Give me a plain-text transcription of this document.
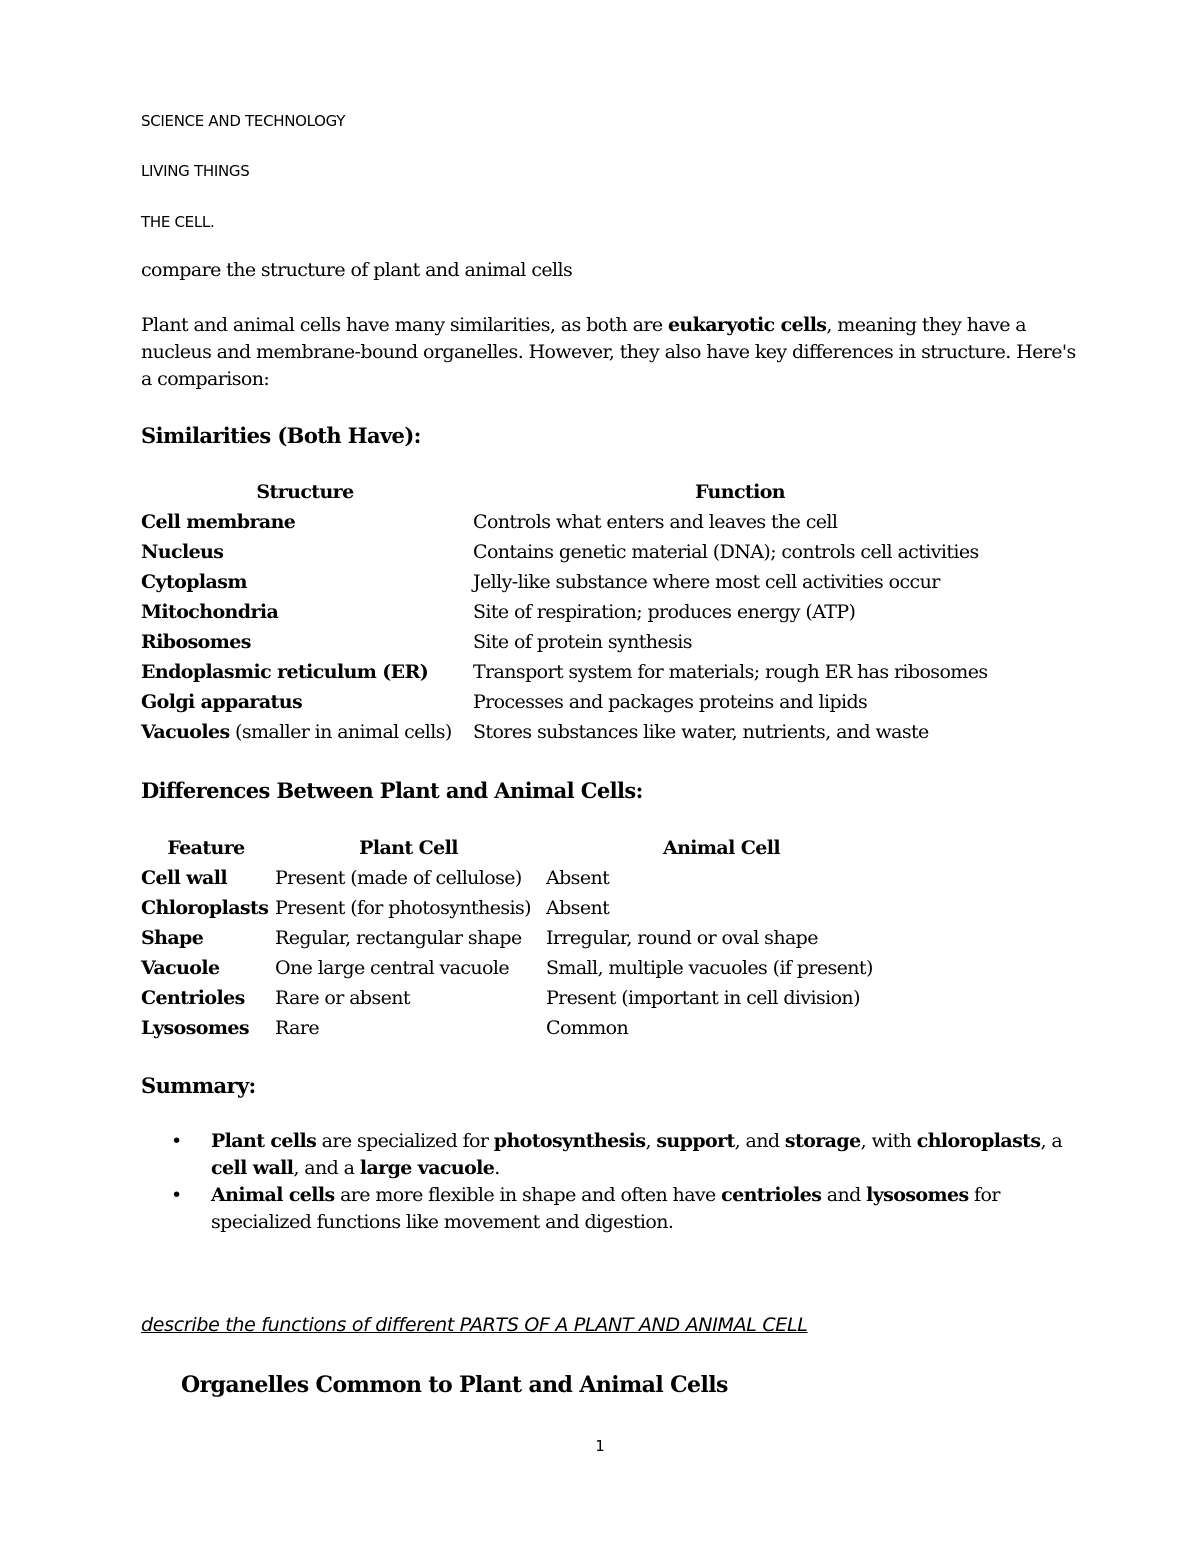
SCIENCE AND TECHNOLOGY
LIVING THINGS
THE CELL.
compare the structure of plant and animal cells
Plant and animal cells have many similarities, as both are eukaryotic cells, meaning they have a nucleus and membrane-bound organelles. However, they also have key differences in structure. Here's a comparison:
Similarities (Both Have):
Structure	Function
Cell membrane	Controls what enters and leaves the cell
Nucleus	Contains genetic material (DNA); controls cell activities
Cytoplasm	Jelly-like substance where most cell activities occur
Mitochondria	Site of respiration; produces energy (ATP)
Ribosomes	Site of protein synthesis
Endoplasmic reticulum (ER)	Transport system for materials; rough ER has ribosomes
Golgi apparatus	Processes and packages proteins and lipids
Vacuoles (smaller in animal cells)	Stores substances like water, nutrients, and waste
Differences Between Plant and Animal Cells:
Feature	Plant Cell	Animal Cell
Cell wall	Present (made of cellulose)	Absent
Chloroplasts	Present (for photosynthesis)	Absent
Shape	Regular, rectangular shape	Irregular, round or oval shape
Vacuole	One large central vacuole	Small, multiple vacuoles (if present)
Centrioles	Rare or absent	Present (important in cell division)
Lysosomes	Rare	Common
Summary:
• Plant cells are specialized for photosynthesis, support, and storage, with chloroplasts, a cell wall, and a large vacuole.
• Animal cells are more flexible in shape and often have centrioles and lysosomes for specialized functions like movement and digestion.
describe the functions of different PARTS OF A PLANT AND ANIMAL CELL
Organelles Common to Plant and Animal Cells
1
